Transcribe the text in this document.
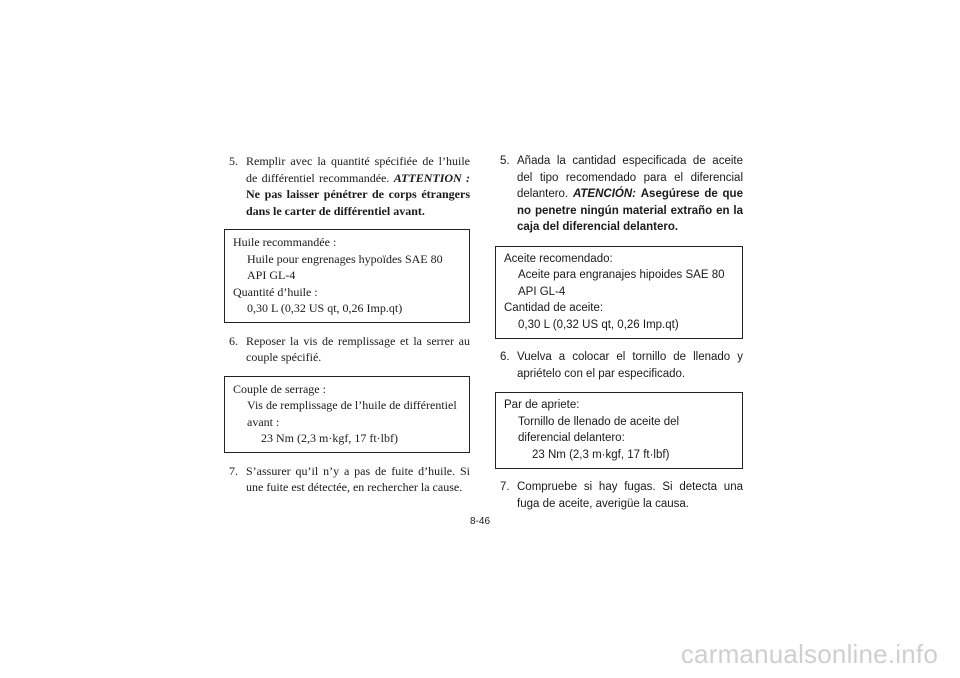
5. Remplir avec la quantité spécifiée de l’huile de différentiel recommandée. ATTENTION : Ne pas laisser pénétrer de corps étrangers dans le carter de différentiel avant.
Huile recommandée :
Huile pour engrenages hypoïdes SAE 80 API GL-4
Quantité d’huile :
0,30 L (0,32 US qt, 0,26 Imp.qt)
6. Reposer la vis de remplissage et la serrer au couple spécifié.
Couple de serrage :
Vis de remplissage de l’huile de différentiel avant :
23 Nm (2,3 m·kgf, 17 ft·lbf)
7. S’assurer qu’il n’y a pas de fuite d’huile. Si une fuite est détectée, en rechercher la cause.
5. Añada la cantidad especificada de aceite del tipo recomendado para el diferencial delantero. ATENCIÓN: Asegúrese de que no penetre ningún material extraño en la caja del diferencial delantero.
Aceite recomendado:
Aceite para engranajes hipoides SAE 80 API GL-4
Cantidad de aceite:
0,30 L (0,32 US qt, 0,26 Imp.qt)
6. Vuelva a colocar el tornillo de llenado y apriételo con el par especificado.
Par de apriete:
Tornillo de llenado de aceite del diferencial delantero:
23 Nm (2,3 m·kgf, 17 ft·lbf)
7. Compruebe si hay fugas. Si detecta una fuga de aceite, averigüe la causa.
8-46
carmanualsonline.info
